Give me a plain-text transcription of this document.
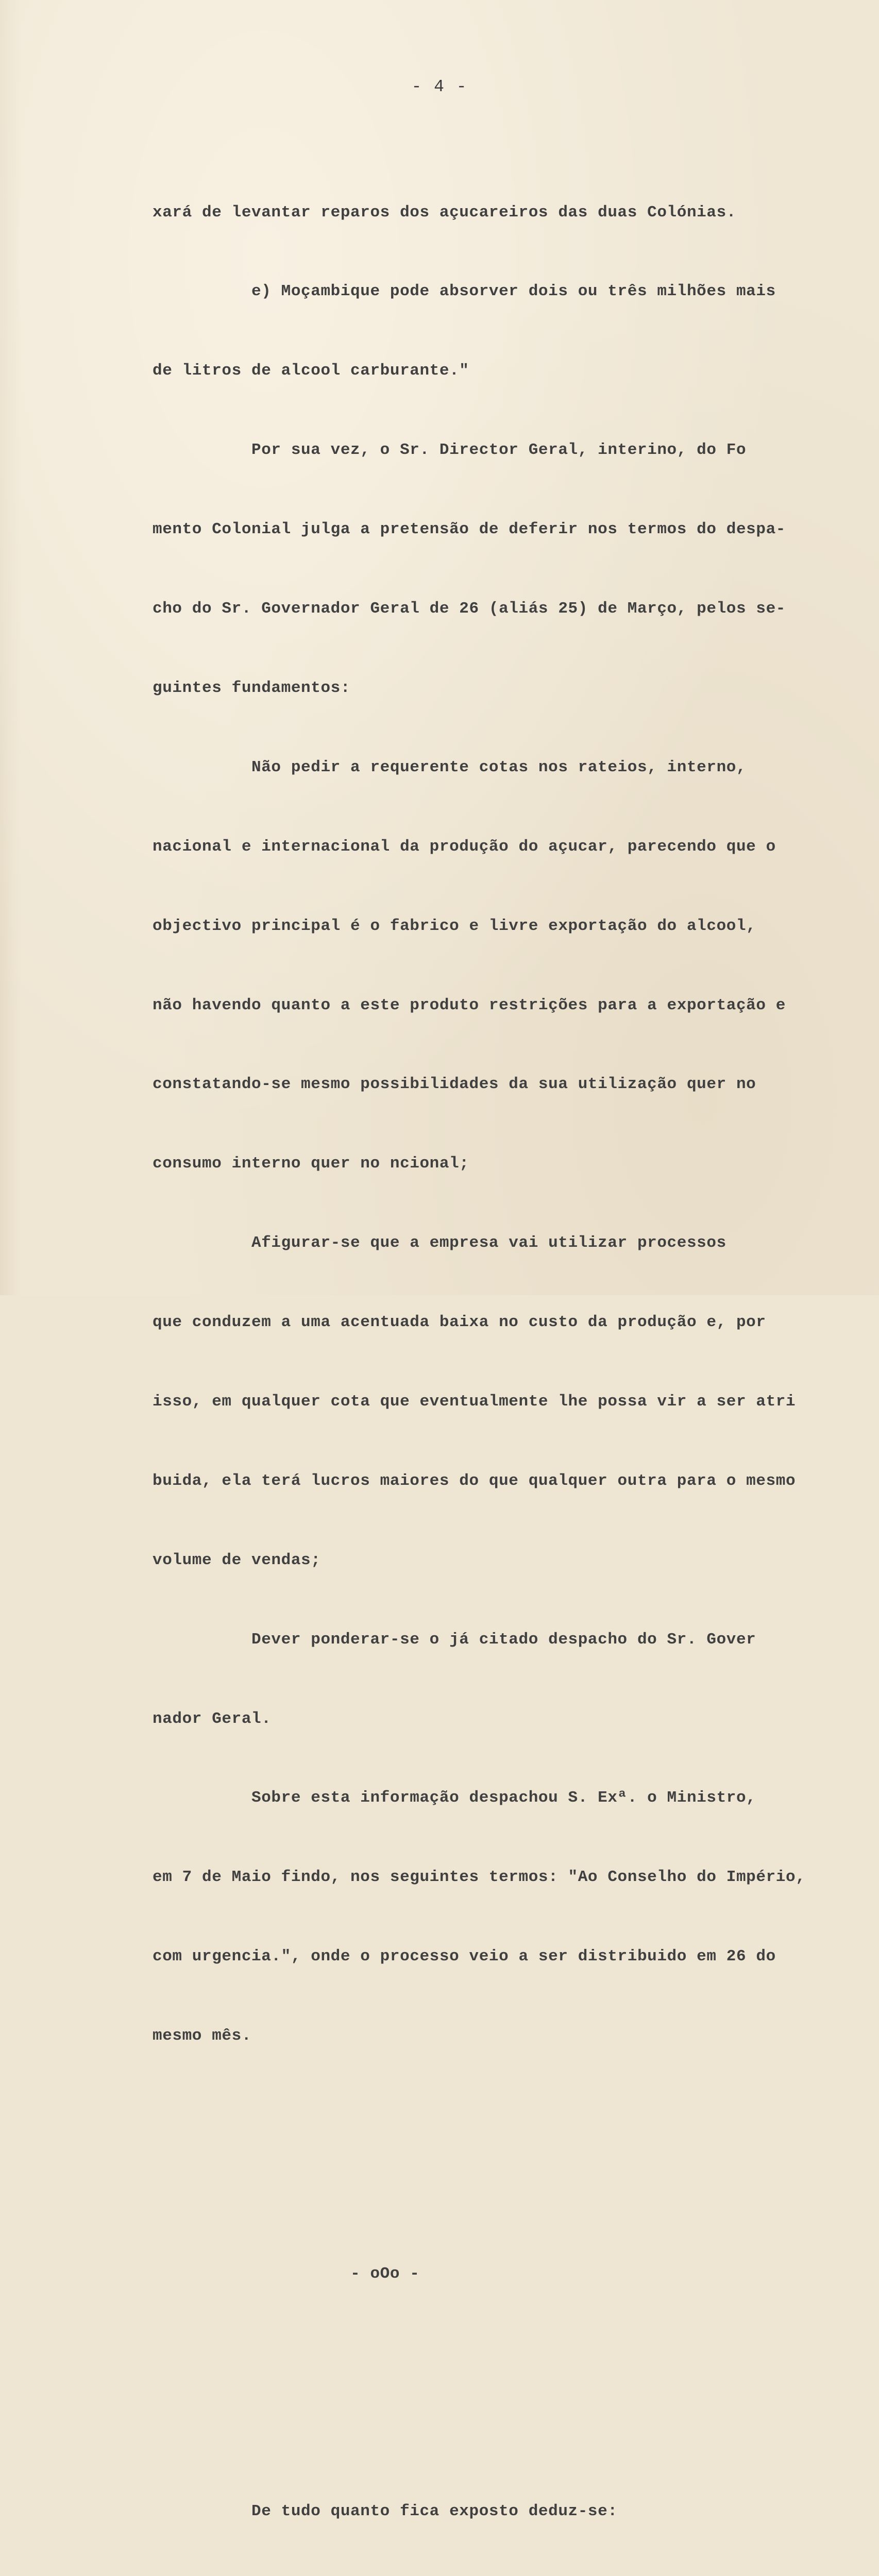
- 4 -

xará de levantar reparos dos açucareiros das duas Colónias.

e) Moçambique pode absorver dois ou três milhões mais

de litros de alcool carburante."

Por sua vez, o Sr. Director Geral, interino, do Fo

mento Colonial julga a pretensão de deferir nos termos do despa-

cho do Sr. Governador Geral de 26 (aliás 25) de Março, pelos se-

guintes fundamentos:

Não pedir a requerente cotas nos rateios, interno,

nacional e internacional da produção do açucar, parecendo que o

objectivo principal é o fabrico e livre exportação do alcool,

não havendo quanto a este produto restrições para a exportação e

constatando-se mesmo possibilidades da sua utilização quer no

consumo interno quer no ncional;

Afigurar-se que a empresa vai utilizar processos

que conduzem a uma acentuada baixa no custo da produção e, por

isso, em qualquer cota que eventualmente lhe possa vir a ser atri

buida, ela terá lucros maiores do que qualquer outra para o mesmo

volume de vendas;

Dever ponderar-se o já citado despacho do Sr. Gover

nador Geral.

Sobre esta informação despachou S. Exª. o Ministro,

em 7 de Maio findo, nos seguintes termos: "Ao Conselho do Império,

com urgencia.", onde o processo veio a ser distribuido em 26 do

mesmo mês.

- oOo -

De tudo quanto fica exposto deduz-se:
